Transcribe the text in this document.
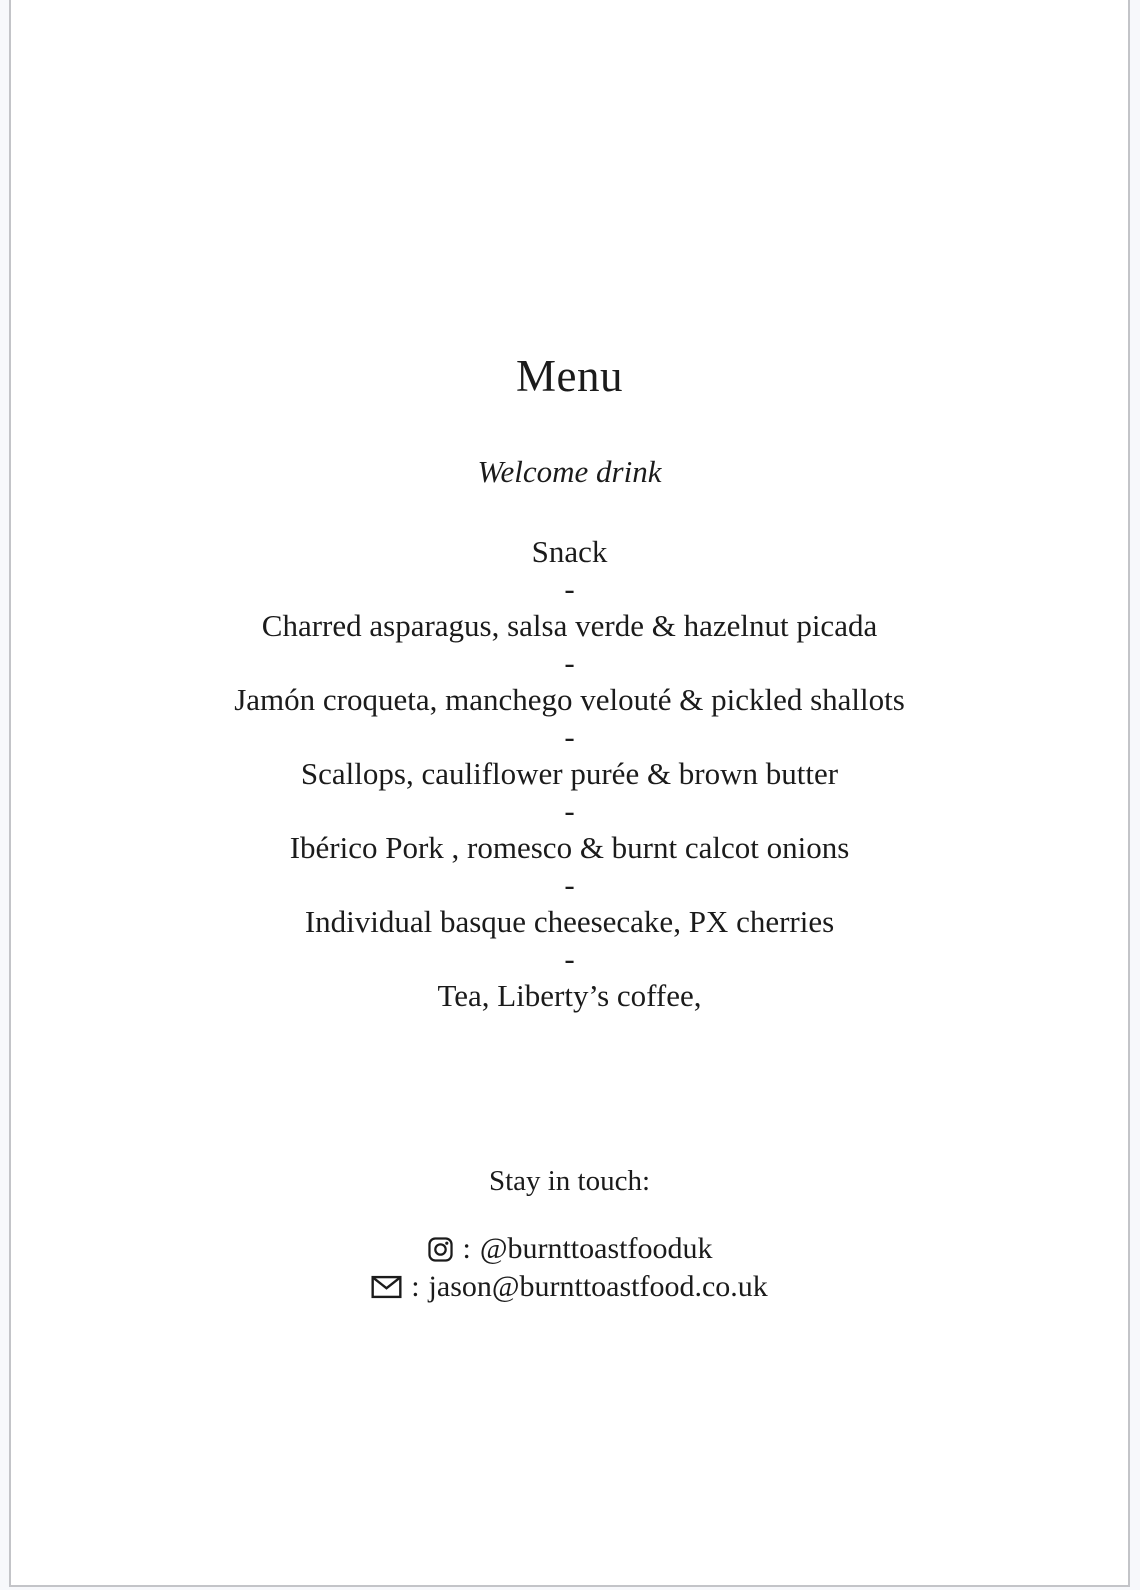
Menu
Welcome drink
Snack
-
Charred asparagus, salsa verde & hazelnut picada
-
Jamón croqueta, manchego velouté & pickled shallots
-
Scallops, cauliflower purée & brown butter
-
Ibérico Pork , romesco & burnt calcot onions
-
Individual basque cheesecake, PX cherries
-
Tea, Liberty’s coffee,
Stay in touch:
: @burnttoastfooduk
: jason@burnttoastfood.co.uk
